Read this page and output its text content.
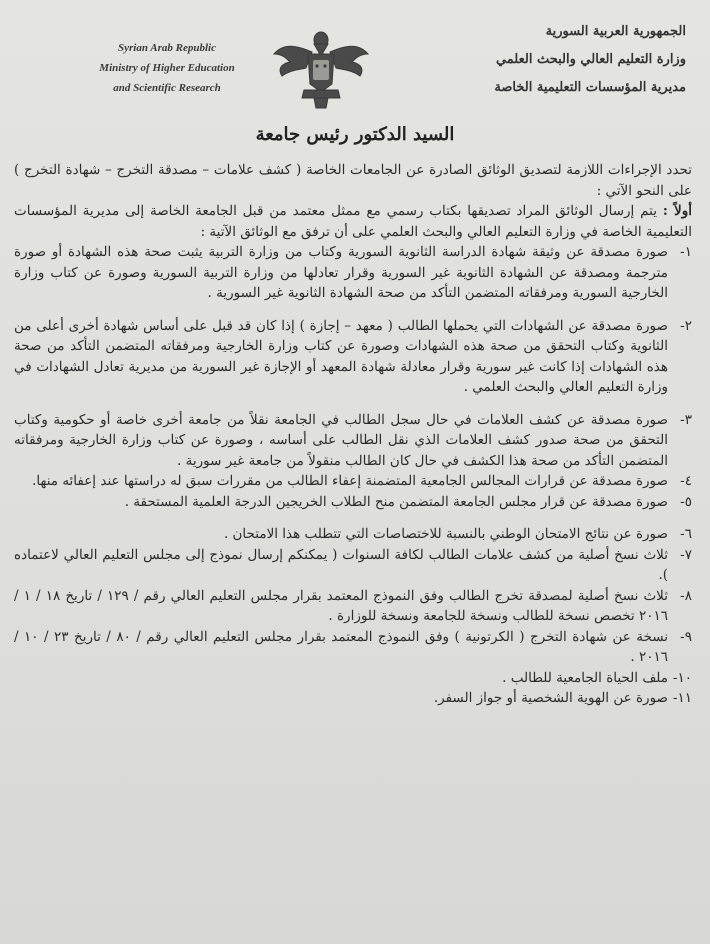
Syrian Arab Republic
Ministry of Higher Education
and Scientific Research
الجمهورية العربية السورية
وزارة التعليم العالي والبحث العلمي
مديرية المؤسسات التعليمية الخاصة
السيد الدكتور رئيس جامعة

تحدد الإجراءات اللازمة لتصديق الوثائق الصادرة عن الجامعات الخاصة ( كشف علامات – مصدقة التخرج – شهادة التخرج ) على النحو الآتي :

أولاً : يتم إرسال الوثائق المراد تصديقها بكتاب رسمي مع ممثل معتمد من قبل الجامعة الخاصة إلى مديرية المؤسسات التعليمية الخاصة في وزارة التعليم العالي والبحث العلمي على أن ترفق مع الوثائق الآتية :

١-صورة مصدقة عن وثيقة شهادة الدراسة الثانوية السورية وكتاب من وزارة التربية يثبت صحة هذه الشهادة أو صورة مترجمة ومصدقة عن الشهادة الثانوية غير السورية وقرار تعادلها من وزارة التربية السورية وصورة عن كتاب وزارة الخارجية السورية ومرفقاته المتضمن التأكد من صحة الشهادة الثانوية غير السورية .

٢-صورة مصدقة عن الشهادات التي يحملها الطالب ( معهد – إجازة ) إذا كان قد قبل على أساس شهادة أخرى أعلى من الثانوية وكتاب التحقق من صحة هذه الشهادات وصورة عن كتاب وزارة الخارجية ومرفقاته المتضمن التأكد من صحة هذه الشهادات إذا كانت غير سورية وقرار معادلة شهادة المعهد أو الإجازة غير السورية من مديرية تعادل الشهادات في وزارة التعليم العالي والبحث العلمي .

٣-صورة مصدقة عن كشف العلامات في حال سجل الطالب في الجامعة نقلاً من جامعة أخرى خاصة أو حكومية وكتاب التحقق من صحة صدور كشف العلامات الذي نقل الطالب على أساسه ، وصورة عن كتاب وزارة الخارجية ومرفقاته المتضمن التأكد من صحة هذا الكشف في حال كان الطالب منقولاً من جامعة غير سورية .

٤-صورة مصدقة عن قرارات المجالس الجامعية المتضمنة إعفاء الطالب من مقررات سبق له دراستها عند إعفائه منها.

٥-صورة مصدقة عن قرار مجلس الجامعة المتضمن منح الطلاب الخريجين الدرجة العلمية المستحقة .

٦-صورة عن نتائج الامتحان الوطني بالنسبة للاختصاصات التي تتطلب هذا الامتحان .

٧-ثلاث نسخ أصلية من كشف علامات الطالب لكافة السنوات ( يمكنكم إرسال نموذج إلى مجلس التعليم العالي لاعتماده ).

٨-ثلاث نسخ أصلية لمصدقة تخرج الطالب وفق النموذج المعتمد بقرار مجلس التعليم العالي رقم / ١٢٩ / تاريخ ١٨ / ١ / ٢٠١٦ تخصص نسخة للطالب ونسخة للجامعة ونسخة للوزارة .

٩-نسخة عن شهادة التخرج ( الكرتونية ) وفق النموذج المعتمد بقرار مجلس التعليم العالي رقم / ٨٠ / تاريخ ٢٣ / ١٠ / ٢٠١٦ .

١٠-ملف الحياة الجامعية للطالب .

١١-صورة عن الهوية الشخصية أو جواز السفر.
